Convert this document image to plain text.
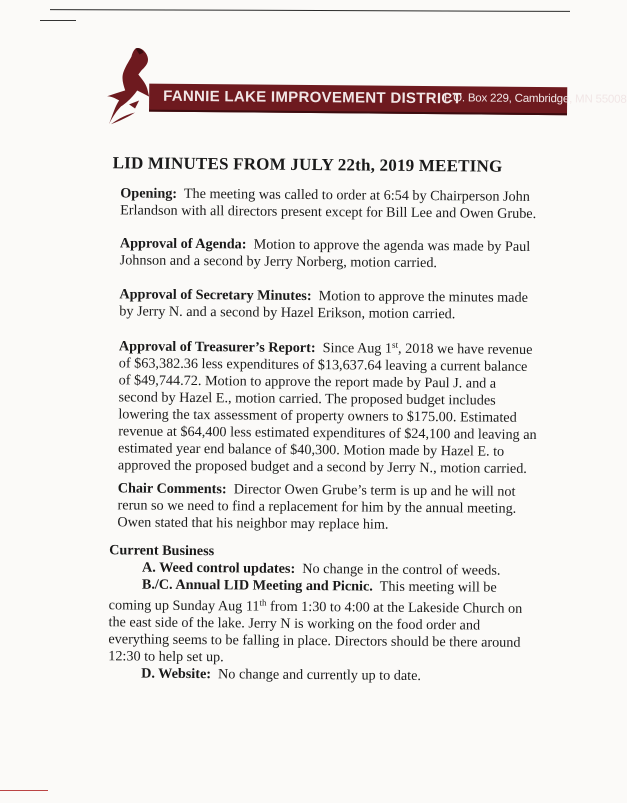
FANNIE LAKE IMPROVEMENT DISTRICT
P.O. Box 229, Cambridge, MN 55008
LID MINUTES FROM JULY 22th, 2019 MEETING
Opening: The meeting was called to order at 6:54 by Chairperson John Erlandson with all directors present except for Bill Lee and Owen Grube.
Approval of Agenda: Motion to approve the agenda was made by Paul Johnson and a second by Jerry Norberg, motion carried.
Approval of Secretary Minutes: Motion to approve the minutes made by Jerry N. and a second by Hazel Erikson, motion carried.
Approval of Treasurer’s Report: Since Aug 1st, 2018 we have revenue of $63,382.36 less expenditures of $13,637.64 leaving a current balance of $49,744.72. Motion to approve the report made by Paul J. and a second by Hazel E., motion carried. The proposed budget includes lowering the tax assessment of property owners to $175.00. Estimated revenue at $64,400 less estimated expenditures of $24,100 and leaving an estimated year end balance of $40,300. Motion made by Hazel E. to approved the proposed budget and a second by Jerry N., motion carried.
Chair Comments: Director Owen Grube’s term is up and he will not rerun so we need to find a replacement for him by the annual meeting. Owen stated that his neighbor may replace him.
Current Business
A. Weed control updates: No change in the control of weeds.
B./C. Annual LID Meeting and Picnic. This meeting will be coming up Sunday Aug 11th from 1:30 to 4:00 at the Lakeside Church on the east side of the lake. Jerry N is working on the food order and everything seems to be falling in place. Directors should be there around 12:30 to help set up.
D. Website: No change and currently up to date.
